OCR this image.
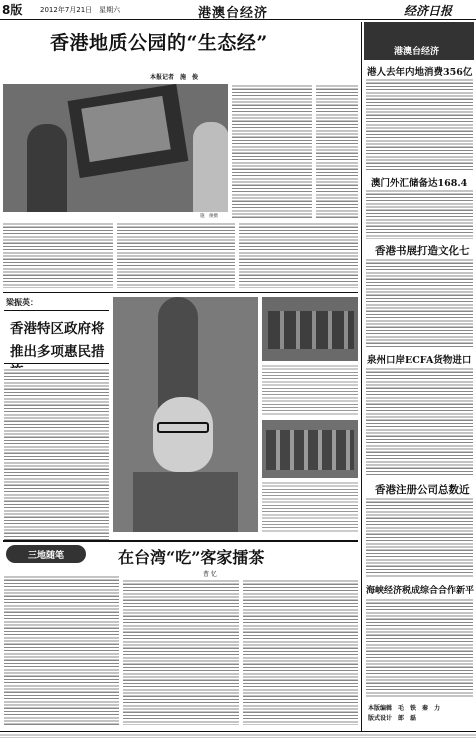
8版	2012年7月21日　星期六	港澳台经济	经济日报
香港地质公园的“生态经”
本报记者　施　俊
施　俊摄
梁振英：
香港特区政府将
推出多项惠民措
三地随笔	在台湾“吃”客家擂茶
曹 忆
港澳台经济
港人去年内地消费356亿
澳门外汇储备达168.4
香港书展打造文化七
泉州口岸ECFA货物进口
香港注册公司总数近
海峡经济税成综合合作新平
本版编辑　毛　铁　秦　力
版式设计　郎　磊
